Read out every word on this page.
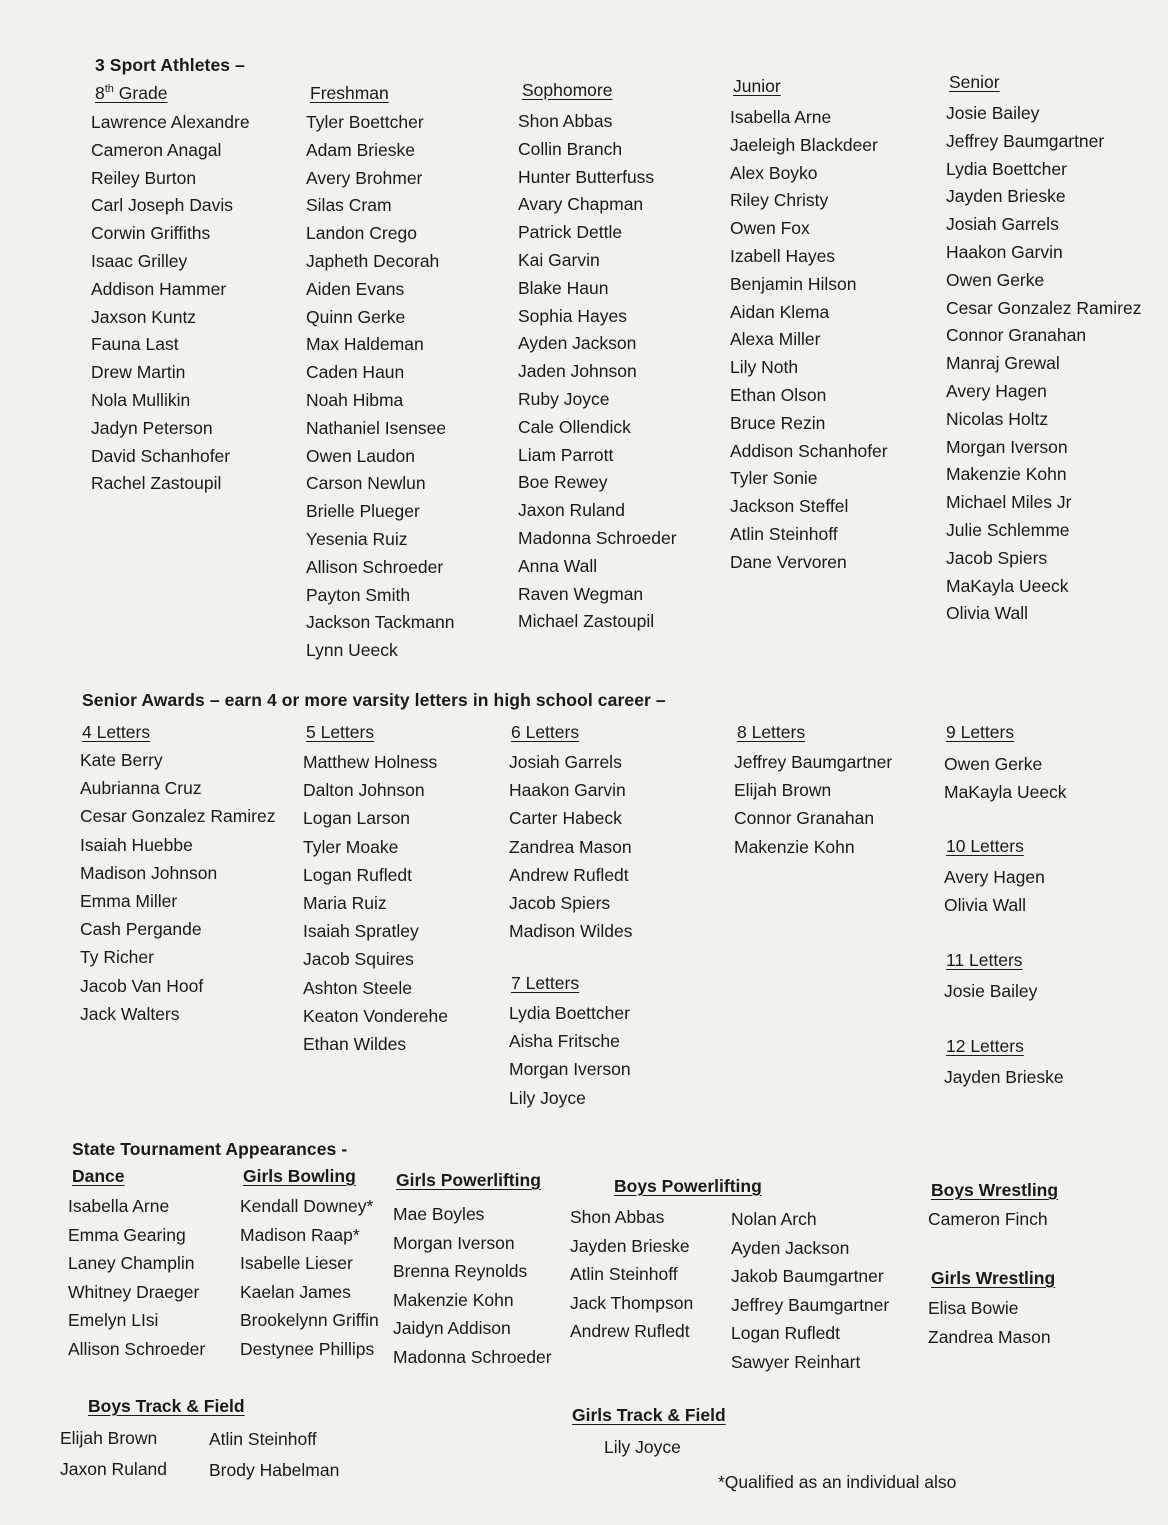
3 Sport Athletes –
8th Grade
Lawrence Alexandre
Cameron Anagal
Reiley Burton
Carl Joseph Davis
Corwin Griffiths
Isaac Grilley
Addison Hammer
Jaxson Kuntz
Fauna Last
Drew Martin
Nola Mullikin
Jadyn Peterson
David Schanhofer
Rachel Zastoupil
Freshman
Tyler Boettcher
Adam Brieske
Avery Brohmer
Silas Cram
Landon Crego
Japheth Decorah
Aiden Evans
Quinn Gerke
Max Haldeman
Caden Haun
Noah Hibma
Nathaniel Isensee
Owen Laudon
Carson Newlun
Brielle Plueger
Yesenia Ruiz
Allison Schroeder
Payton Smith
Jackson Tackmann
Lynn Ueeck
Sophomore
Shon Abbas
Collin Branch
Hunter Butterfuss
Avary Chapman
Patrick Dettle
Kai Garvin
Blake Haun
Sophia Hayes
Ayden Jackson
Jaden Johnson
Ruby Joyce
Cale Ollendick
Liam Parrott
Boe Rewey
Jaxon Ruland
Madonna Schroeder
Anna Wall
Raven Wegman
Michael Zastoupil
Junior
Isabella Arne
Jaeleigh Blackdeer
Alex Boyko
Riley Christy
Owen Fox
Izabell Hayes
Benjamin Hilson
Aidan Klema
Alexa Miller
Lily Noth
Ethan Olson
Bruce Rezin
Addison Schanhofer
Tyler Sonie
Jackson Steffel
Atlin Steinhoff
Dane Vervoren
Senior
Josie Bailey
Jeffrey Baumgartner
Lydia Boettcher
Jayden Brieske
Josiah Garrels
Haakon Garvin
Owen Gerke
Cesar Gonzalez Ramirez
Connor Granahan
Manraj Grewal
Avery Hagen
Nicolas Holtz
Morgan Iverson
Makenzie Kohn
Michael Miles Jr
Julie Schlemme
Jacob Spiers
MaKayla Ueeck
Olivia Wall
Senior Awards – earn 4 or more varsity letters in high school career –
4 Letters
Kate Berry
Aubrianna Cruz
Cesar Gonzalez Ramirez
Isaiah Huebbe
Madison Johnson
Emma Miller
Cash Pergande
Ty Richer
Jacob Van Hoof
Jack Walters
5 Letters
Matthew Holness
Dalton Johnson
Logan Larson
Tyler Moake
Logan Rufledt
Maria Ruiz
Isaiah Spratley
Jacob Squires
Ashton Steele
Keaton Vonderehe
Ethan Wildes
6 Letters
Josiah Garrels
Haakon Garvin
Carter Habeck
Zandrea Mason
Andrew Rufledt
Jacob Spiers
Madison Wildes
7 Letters
Lydia Boettcher
Aisha Fritsche
Morgan Iverson
Lily Joyce
8 Letters
Jeffrey Baumgartner
Elijah Brown
Connor Granahan
Makenzie Kohn
9 Letters
Owen Gerke
MaKayla Ueeck
10 Letters
Avery Hagen
Olivia Wall
11 Letters
Josie Bailey
12 Letters
Jayden Brieske
State Tournament Appearances -
Dance
Isabella Arne
Emma Gearing
Laney Champlin
Whitney Draeger
Emelyn LIsi
Allison Schroeder
Girls Bowling
Kendall Downey*
Madison Raap*
Isabelle Lieser
Kaelan James
Brookelynn Griffin
Destynee Phillips
Girls Powerlifting
Mae Boyles
Morgan Iverson
Brenna Reynolds
Makenzie Kohn
Jaidyn Addison
Madonna Schroeder
Boys Powerlifting
Shon Abbas
Jayden Brieske
Atlin Steinhoff
Jack Thompson
Andrew Rufledt
Nolan Arch
Ayden Jackson
Jakob Baumgartner
Jeffrey Baumgartner
Logan Rufledt
Sawyer Reinhart
Boys Wrestling
Cameron Finch
Girls Wrestling
Elisa Bowie
Zandrea Mason
Boys Track & Field
Elijah Brown
Jaxon Ruland
Atlin Steinhoff
Brody Habelman
Girls Track & Field
Lily Joyce
*Qualified as an individual also
